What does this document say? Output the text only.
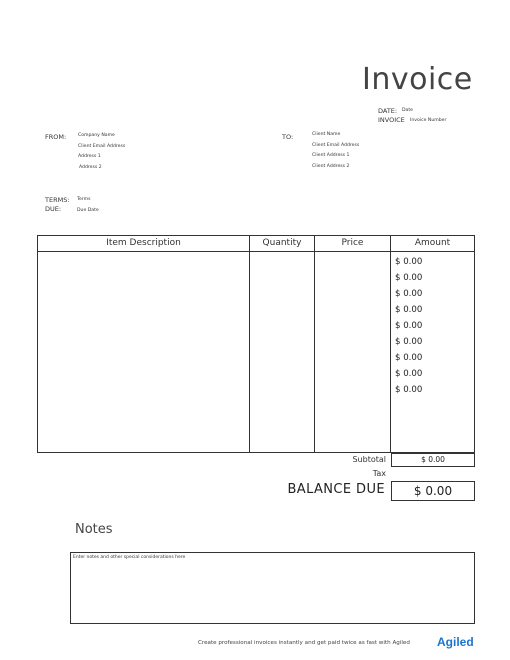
Invoice
DATE: Date
INVOICE Invoice Number
FROM:	Company Name
Client Email Address
Address 1
Address 2
TO:	Client Name
Client Email Address
Client Address 1
Client Address 2
TERMS: Terms
DUE:	Due Date
Item Description	Quantity	Price	Amount
$ 0.00
$ 0.00
$ 0.00
$ 0.00
$ 0.00
$ 0.00
$ 0.00
$ 0.00
$ 0.00
Subtotal	$ 0.00
Tax
BALANCE DUE	$ 0.00
Notes
Enter notes and other special considerations here
Create professional invoices instantly and get paid twice as fast with Agiled Agiled
